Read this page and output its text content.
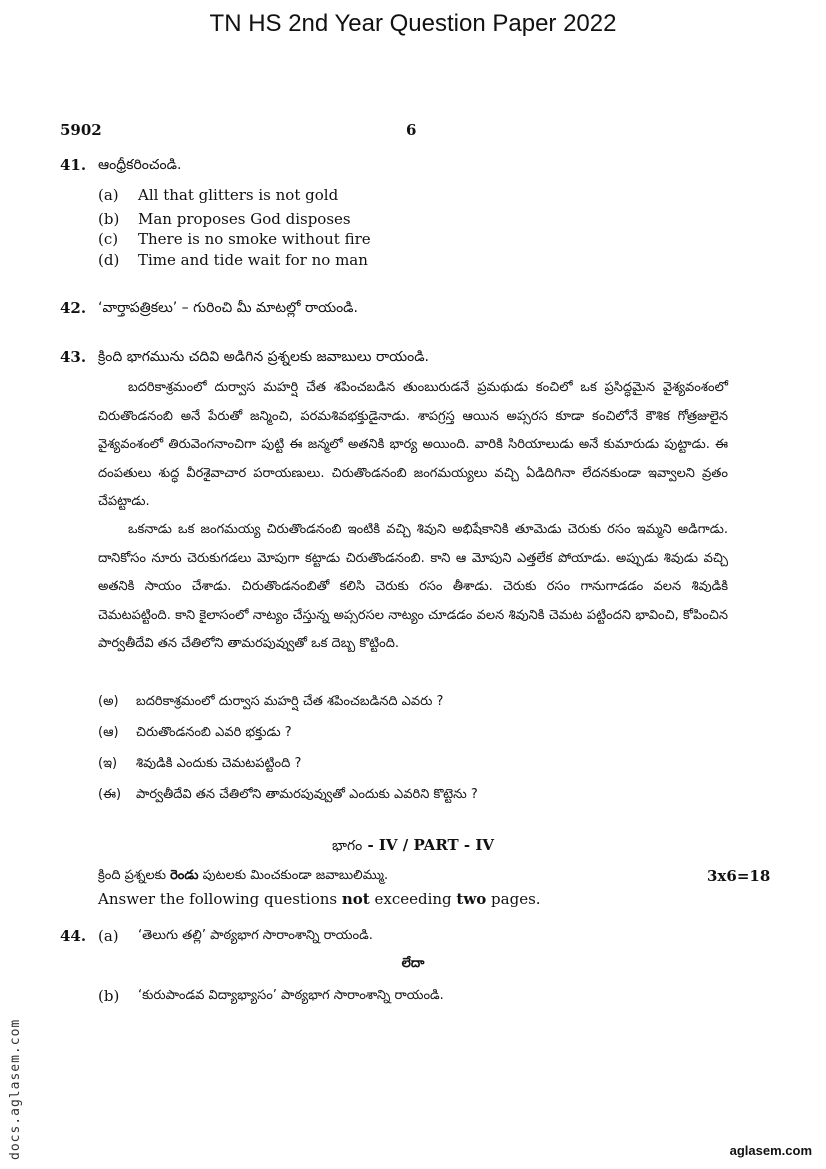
TN HS 2nd Year Question Paper 2022
5902	6
41. ఆంధ్రీకరించండి.
(a) All that glitters is not gold
(b) Man proposes God disposes
(c) There is no smoke without fire
(d) Time and tide wait for no man
42. ‘వార్తాపత్రికలు’ – గురించి మీ మాటల్లో రాయండి.
43. క్రింది భాగమును చదివి అడిగిన ప్రశ్నలకు జవాబులు రాయండి.
బదరికాశ్రమంలో దుర్వాస మహర్షి చేత శపించబడిన తుంబురుడనే ప్రమథుడు కంచిలో ఒక ప్రసిద్ధమైన వైశ్యవంశంలో చిరుతొండనంబి అనే పేరుతో జన్మించి, పరమశివభక్తుడైనాడు. శాపగ్రస్త ఆయిన అప్సరస కూడా కంచిలోనే కౌశిక గోత్రజులైన వైశ్యవంశంలో తిరువెంగనాంచిగా పుట్టి ఈ జన్మలో అతనికి భార్య అయింది. వారికి సిరియాలుడు అనే కుమారుడు పుట్టాడు. ఈ దంపతులు శుద్ధ వీరశైవాచార పరాయణులు. చిరుతొండనంబి జంగమయ్యలు వచ్చి ఏడిదిగినా లేదనకుండా ఇవ్వాలని వ్రతం చేపట్టాడు.
ఒకనాడు ఒక జంగమయ్య చిరుతొండనంబి ఇంటికి వచ్చి శివుని అభిషేకానికి తూమెడు చెరుకు రసం ఇమ్మని అడిగాడు. దానికోసం నూరు చెరుకుగడలు మోపుగా కట్టాడు చిరుతొండనంబి. కాని ఆ మోపుని ఎత్తలేక పోయాడు. అప్పుడు శివుడు వచ్చి అతనికి సాయం చేశాడు. చిరుతొండనంబితో కలిసి చెరుకు రసం తీశాడు. చెరుకు రసం గానుగాడడం వలన శివుడికి చెమటపట్టింది. కాని కైలాసంలో నాట్యం చేస్తున్న అప్సరసల నాట్యం చూడడం వలన శివునికి చెమట పట్టిందని భావించి, కోపించిన పార్వతీదేవి తన చేతిలోని తామరపువ్వుతో ఒక దెబ్బ కొట్టింది.
(అ) బదరికాశ్రమంలో దుర్వాస మహర్షి చేత శపించబడినది ఎవరు ?
(ఆ) చిరుతొండనంబి ఎవరి భక్తుడు ?
(ఇ) శివుడికి ఎందుకు చెమటపట్టింది ?
(ఈ) పార్వతీదేవి తన చేతిలోని తామరపువ్వుతో ఎందుకు ఎవరిని కొట్టెను ?
భాగం - IV / PART - IV
క్రింది ప్రశ్నలకు రెండు పుటలకు మించకుండా జవాబులిమ్ము.	3x6=18
Answer the following questions not exceeding two pages.
44. (a) ‘తెలుగు తల్లి’ పాఠ్యభాగ సారాంశాన్ని రాయండి.
లేదా
(b) ‘కురుపాండవ విద్యాభ్యాసం’ పాఠ్యభాగ సారాంశాన్ని రాయండి.
docs.aglasem.com	aglasem.com
